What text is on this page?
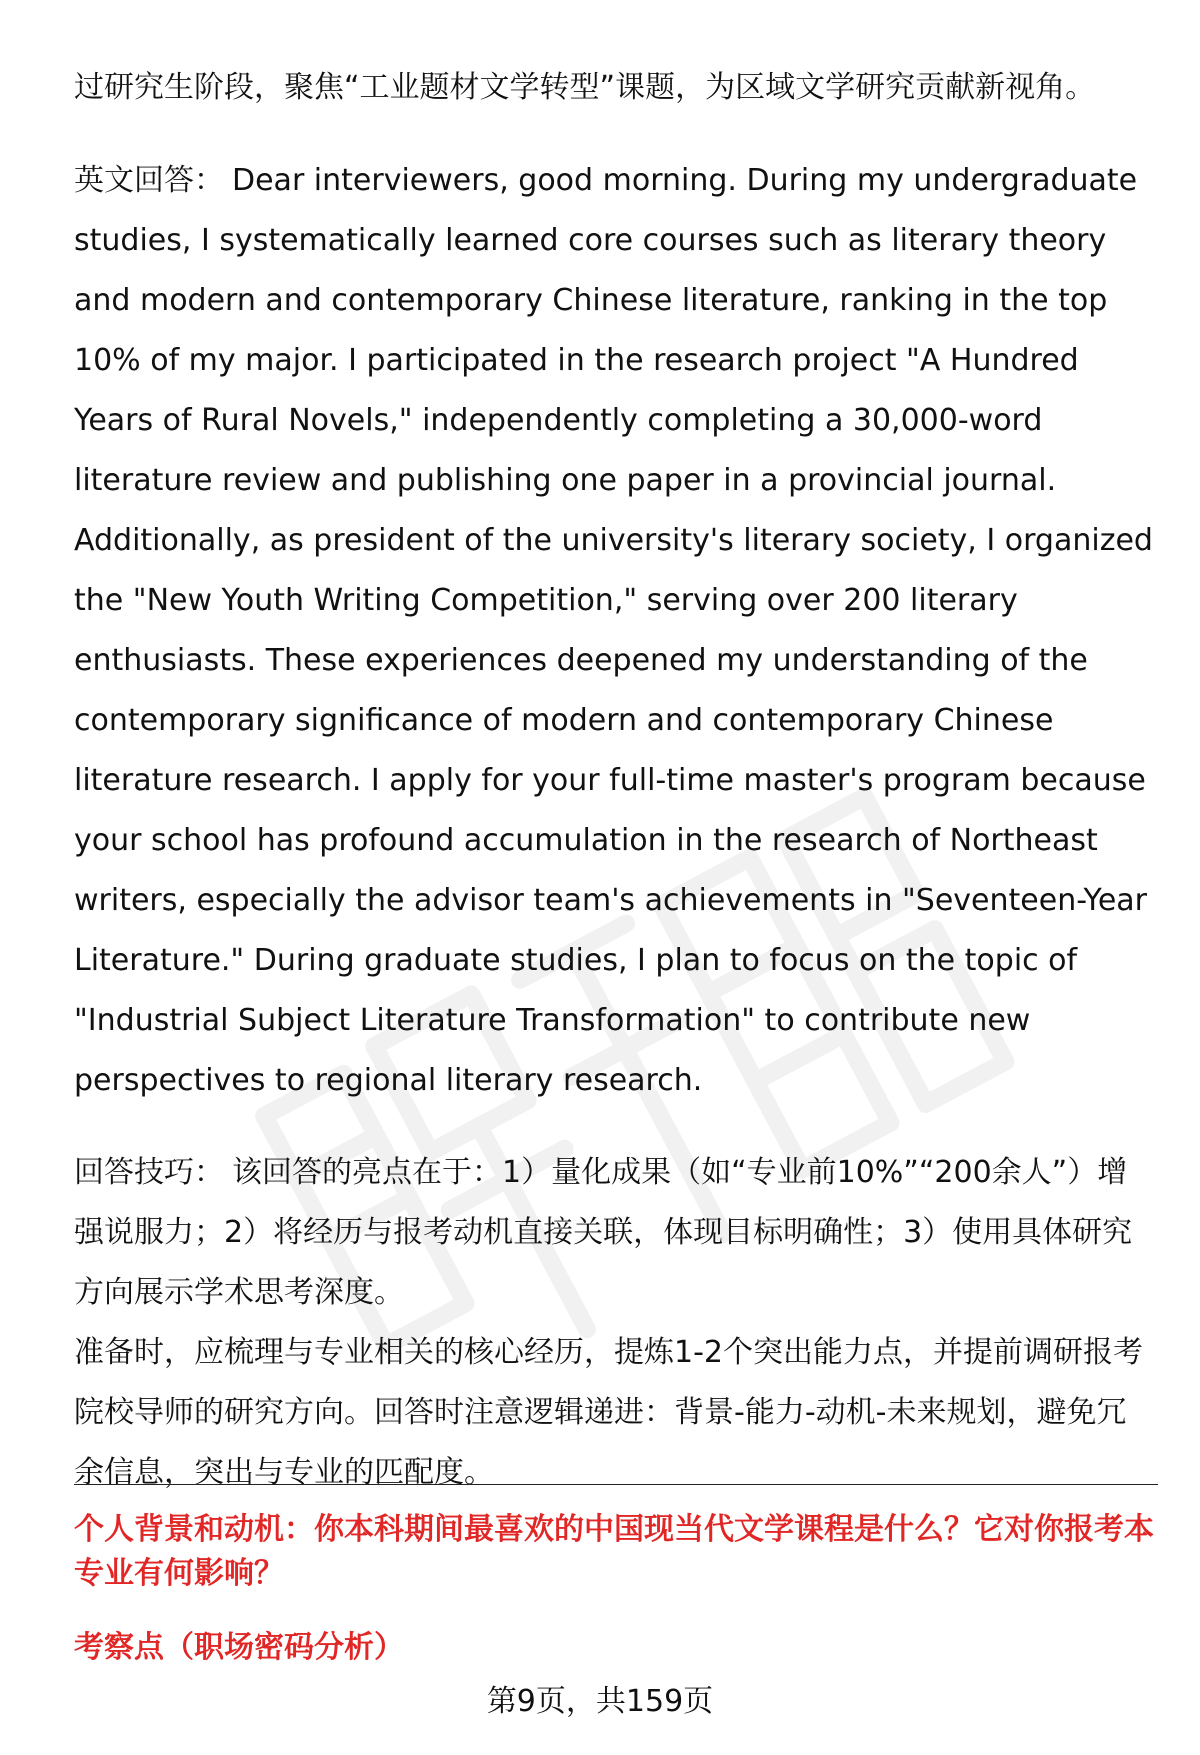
过研究生阶段，聚焦“工业题材文学转型”课题，为区域文学研究贡献新视角。

英文回答： Dear interviewers, good morning. During my undergraduate studies, I systematically learned core courses such as literary theory and modern and contemporary Chinese literature, ranking in the top 10% of my major. I participated in the research project "A Hundred Years of Rural Novels," independently completing a 30,000-word literature review and publishing one paper in a provincial journal. Additionally, as president of the university's literary society, I organized the "New Youth Writing Competition," serving over 200 literary enthusiasts. These experiences deepened my understanding of the contemporary significance of modern and contemporary Chinese literature research. I apply for your full-time master's program because your school has profound accumulation in the research of Northeast writers, especially the advisor team's achievements in "Seventeen-Year Literature." During graduate studies, I plan to focus on the topic of "Industrial Subject Literature Transformation" to contribute new perspectives to regional literary research.

回答技巧： 该回答的亮点在于：1）量化成果（如“专业前10%”“200余人”）增强说服力；2）将经历与报考动机直接关联，体现目标明确性；3）使用具体研究方向展示学术思考深度。

准备时，应梳理与专业相关的核心经历，提炼1-2个突出能力点，并提前调研报考院校导师的研究方向。回答时注意逻辑递进：背景-能力-动机-未来规划，避免冗余信息，突出与专业的匹配度。

个人背景和动机：你本科期间最喜欢的中国现当代文学课程是什么？它对你报考本专业有何影响？

考察点（职场密码分析）

第9页，共159页
